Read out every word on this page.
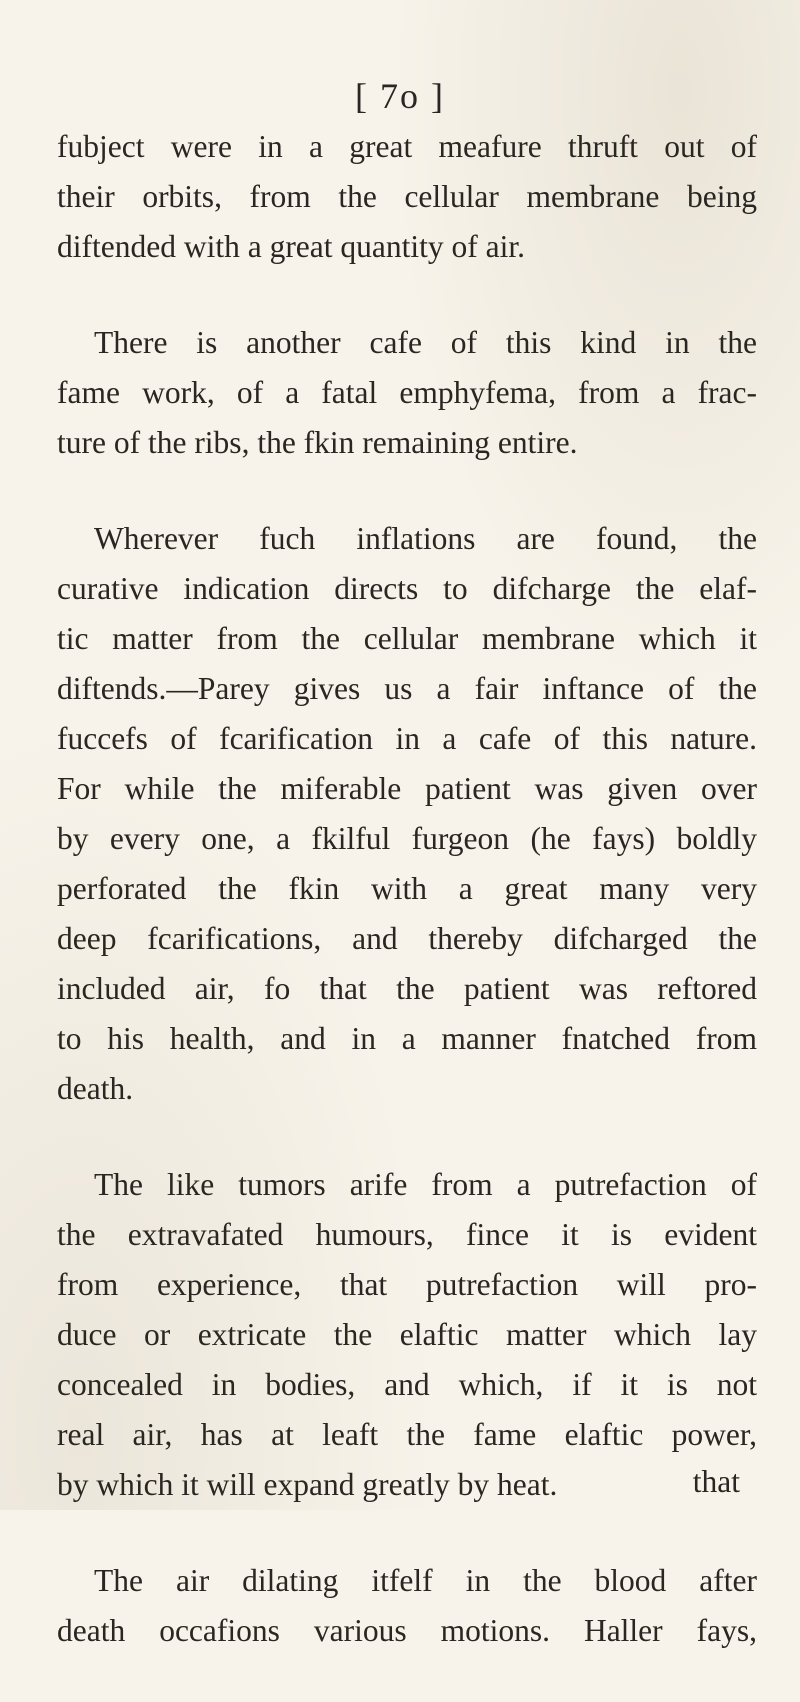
[ 7o ]

fubject were in a great meafure thruft out of
their orbits, from the cellular membrane being
diftended with a great quantity of air.

There is another cafe of this kind in the
fame work, of a fatal emphyfema, from a frac-
ture of the ribs, the fkin remaining entire.

Wherever fuch inflations are found, the
curative indication directs to difcharge the elaf-
tic matter from the cellular membrane which it
diftends.—Parey gives us a fair inftance of the
fuccefs of fcarification in a cafe of this nature.
For while the miferable patient was given over
by every one, a fkilful furgeon (he fays) boldly
perforated the fkin with a great many very
deep fcarifications, and thereby difcharged the
included air, fo that the patient was reftored
to his health, and in a manner fnatched from
death.

The like tumors arife from a putrefaction of
the extravafated humours, fince it is evident
from experience, that putrefaction will pro-
duce or extricate the elaftic matter which lay
concealed in bodies, and which, if it is not
real air, has at leaft the fame elaftic power,
by which it will expand greatly by heat.

The air dilating itfelf in the blood after
death occafions various motions. Haller fays,

that
